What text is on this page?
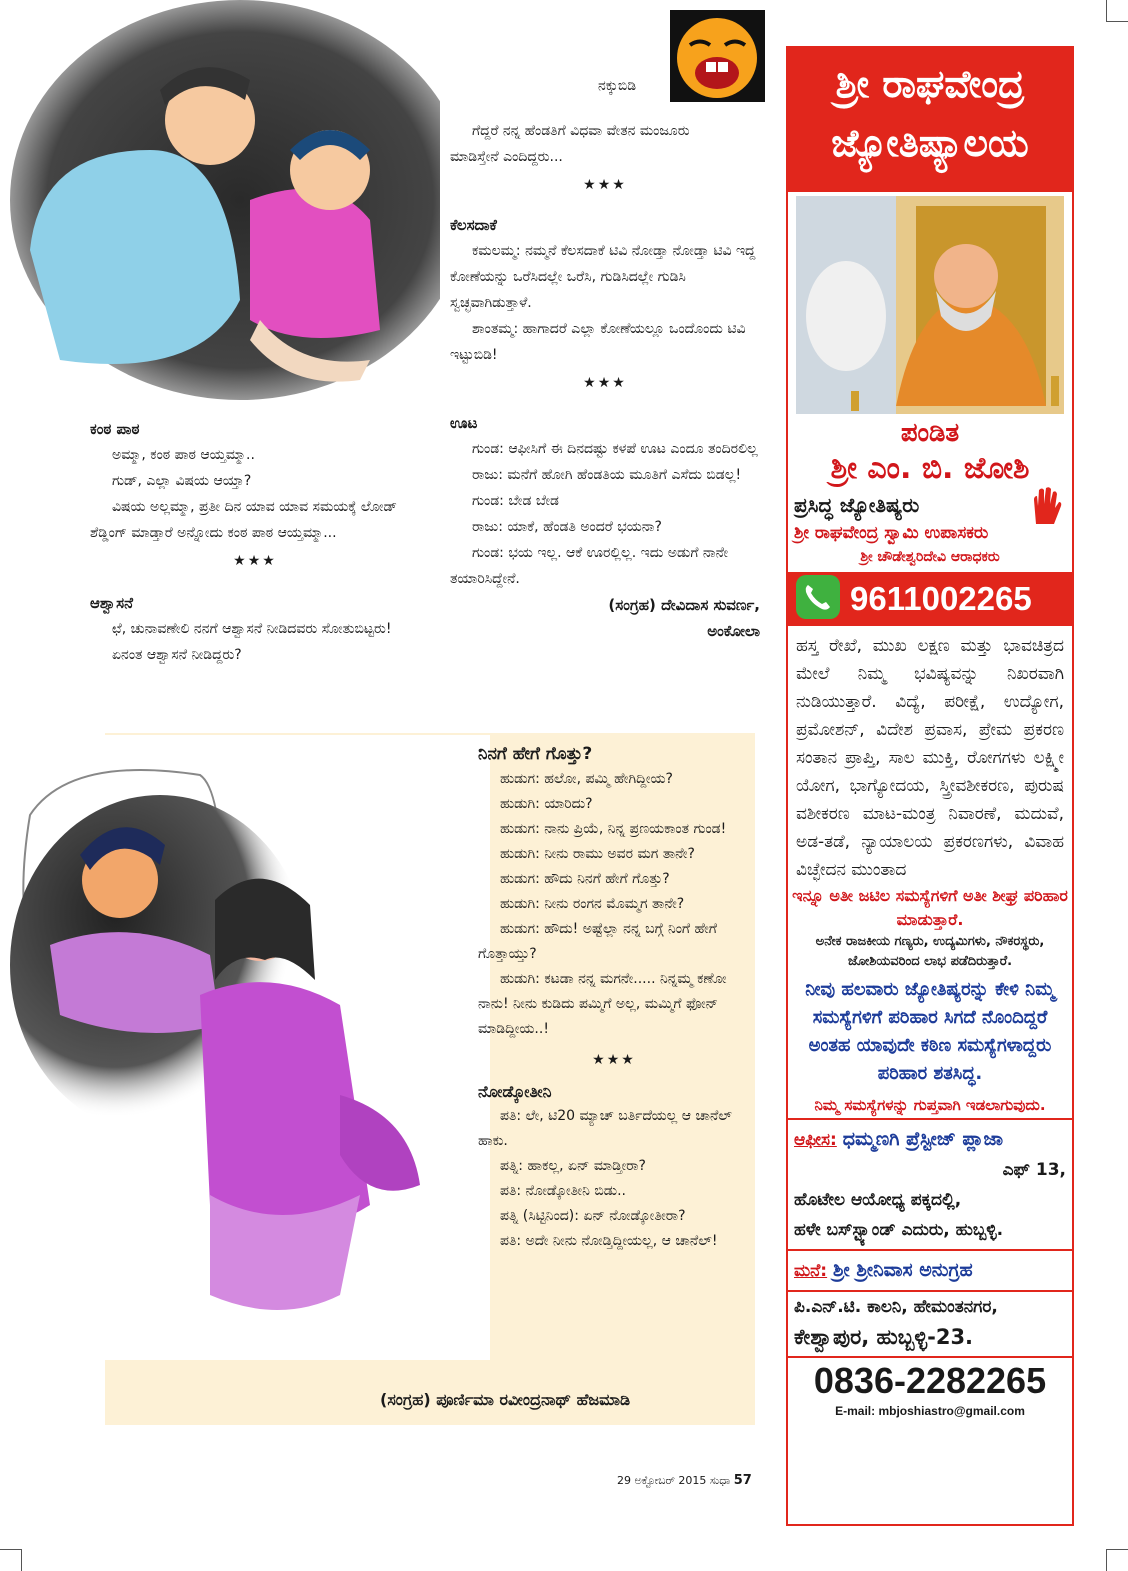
ನಕ್ಕುಬಿಡಿ

ಗೆದ್ದರೆ ನನ್ನ ಹೆಂಡತಿಗೆ ವಿಧವಾ ವೇತನ ಮಂಜೂರು

ಮಾಡಿಸ್ತೇನೆ ಎಂದಿದ್ದರು...

★★★
ಕೆಲಸದಾಕೆ

ಕಮಲಮ್ಮ: ನಮ್ಮನೆ ಕೆಲಸದಾಕೆ ಟಿವಿ ನೋಡ್ತಾ ನೋಡ್ತಾ ಟಿವಿ ಇದ್ದ ಕೋಣೆಯನ್ನು ಒರೆಸಿದಲ್ಲೇ ಒರೆಸಿ, ಗುಡಿಸಿದಲ್ಲೇ ಗುಡಿಸಿ ಸ್ವಚ್ಛವಾಗಿಡುತ್ತಾಳೆ.

ಶಾಂತಮ್ಮ: ಹಾಗಾದರೆ ಎಲ್ಲಾ ಕೋಣೆಯಲ್ಲೂ ಒಂದೊಂದು ಟಿವಿ ಇಟ್ಟುಬಿಡಿ!

★★★
ಊಟ

ಗುಂಡ: ಆಫೀಸಿಗೆ ಈ ದಿನದಷ್ಟು ಕಳಪೆ ಊಟ ಎಂದೂ ತಂದಿರಲಿಲ್ಲ

ರಾಜು: ಮನೆಗೆ ಹೋಗಿ ಹೆಂಡತಿಯ ಮೂತಿಗೆ ಎಸೆದು ಬಿಡಲ್ಲ!

ಗುಂಡ: ಬೇಡ ಬೇಡ

ರಾಜು: ಯಾಕೆ, ಹೆಂಡತಿ ಅಂದರೆ ಭಯನಾ?

ಗುಂಡ: ಭಯ ಇಲ್ಲ. ಆಕೆ ಊರಲ್ಲಿಲ್ಲ. ಇದು ಅಡುಗೆ ನಾನೇ ತಯಾರಿಸಿದ್ದೇನೆ.

(ಸಂಗ್ರಹ) ದೇವಿದಾಸ ಸುವರ್ಣ,
ಅಂಕೋಲಾ
ಕಂಠ ಪಾಠ

ಅಮ್ಮಾ, ಕಂಠ ಪಾಠ ಆಯ್ತಮ್ಮಾ..

ಗುಡ್, ಎಲ್ಲಾ ವಿಷಯ ಆಯ್ತಾ?

ವಿಷಯ ಅಲ್ಲಮ್ಮಾ, ಪ್ರತೀ ದಿನ ಯಾವ ಯಾವ ಸಮಯಕ್ಕೆ ಲೋಡ್ ಶೆಡ್ಡಿಂಗ್ ಮಾಡ್ತಾರೆ ಅನ್ನೋದು ಕಂಠ ಪಾಠ ಆಯ್ತಮ್ಮಾ...

★★★
ಆಶ್ವಾಸನೆ

ಛೆ, ಚುನಾವಣೇಲಿ ನನಗೆ ಆಶ್ವಾಸನೆ ನೀಡಿದವರು ಸೋತುಬಿಟ್ಟರು!

ಏನಂತ ಆಶ್ವಾಸನೆ ನೀಡಿದ್ದರು?

ನಿನಗೆ ಹೇಗೆ ಗೊತ್ತು?

ಹುಡುಗ: ಹಲೋ, ಪಮ್ಮಿ ಹೇಗಿದ್ದೀಯ?

ಹುಡುಗಿ: ಯಾರಿದು?

ಹುಡುಗ: ನಾನು ಪ್ರಿಯೆ, ನಿನ್ನ ಪ್ರಣಯಕಾಂತ ಗುಂಡ!

ಹುಡುಗಿ: ನೀನು ರಾಮು ಅವರ ಮಗ ತಾನೇ?

ಹುಡುಗ: ಹೌದು ನಿನಗೆ ಹೇಗೆ ಗೊತ್ತು?

ಹುಡುಗಿ: ನೀನು ರಂಗನ ಮೊಮ್ಮಗ ತಾನೇ?

ಹುಡುಗ: ಹೌದು! ಅಷ್ಟೆಲ್ಲಾ ನನ್ನ ಬಗ್ಗೆ ನಿಂಗೆ ಹೇಗೆ ಗೊತ್ತಾಯ್ತು?

ಹುಡುಗಿ: ಕಟಡಾ ನನ್ನ ಮಗನೇ..... ನಿನ್ನಮ್ಮ ಕಣೋ ನಾನು! ನೀನು ಕುಡಿದು ಪಮ್ಮಿಗೆ ಅಲ್ಲ, ಮಮ್ಮಿಗೆ ಫೋನ್ ಮಾಡಿದ್ದೀಯ..!

★★★
ನೋಡ್ಕೋತೀನಿ

ಪತಿ: ಲೇ, ಟಿ20 ಮ್ಯಾಚ್ ಬರ್ತಿದೆಯಲ್ಲ ಆ ಚಾನೆಲ್ ಹಾಕು.

ಪತ್ನಿ: ಹಾಕಲ್ಲ, ಏನ್ ಮಾಡ್ತೀರಾ?

ಪತಿ: ನೋಡ್ಕೋತೀನಿ ಬಿಡು..

ಪತ್ನಿ (ಸಿಟ್ಟಿನಿಂದ): ಏನ್ ನೋಡ್ಕೋತೀರಾ?

ಪತಿ: ಅದೇ ನೀನು ನೋಡ್ತಿದ್ದೀಯಲ್ಲ, ಆ ಚಾನೆಲ್!

(ಸಂಗ್ರಹ) ಪೂರ್ಣಿಮಾ ರವೀಂದ್ರನಾಥ್ ಹೆಜಮಾಡಿ
29 ಅಕ್ಟೋಬರ್ 2015 ಸುಧಾ 57
ಶ್ರೀ ರಾಘವೇಂದ್ರ
ಜ್ಯೋತಿಷ್ಯಾಲಯ
ಪಂಡಿತ
ಶ್ರೀ ಎಂ. ಬಿ. ಜೋಶಿ
ಪ್ರಸಿದ್ಧ ಜ್ಯೋತಿಷ್ಯರು
ಶ್ರೀ ರಾಘವೇಂದ್ರ ಸ್ವಾಮಿ ಉಪಾಸಕರು
ಶ್ರೀ ಚೌಡೇಶ್ವರಿದೇವಿ ಆರಾಧಕರು
9611002265
ಹಸ್ತ ರೇಖೆ, ಮುಖ ಲಕ್ಷಣ ಮತ್ತು ಭಾವಚಿತ್ರದ ಮೇಲೆ ನಿಮ್ಮ ಭವಿಷ್ಯವನ್ನು ನಿಖರವಾಗಿ ನುಡಿಯುತ್ತಾರೆ. ವಿದ್ಯೆ, ಪರೀಕ್ಷೆ, ಉದ್ಯೋಗ, ಪ್ರಮೋಶನ್, ವಿದೇಶ ಪ್ರವಾಸ, ಪ್ರೇಮ ಪ್ರಕರಣ ಸಂತಾನ ಪ್ರಾಪ್ತಿ, ಸಾಲ ಮುಕ್ತಿ, ರೋಗಗಳು ಲಕ್ಷ್ಮೀ ಯೋಗ, ಭಾಗ್ಯೋದಯ, ಸ್ತ್ರೀವಶೀಕರಣ, ಪುರುಷ ವಶೀಕರಣ ಮಾಟ-ಮಂತ್ರ ನಿವಾರಣೆ, ಮದುವೆ, ಅಡ-ತಡೆ, ನ್ಯಾಯಾಲಯ ಪ್ರಕರಣಗಳು, ವಿವಾಹ ವಿಚ್ಛೇದನ ಮುಂತಾದ
ಇನ್ನೂ ಅತೀ ಜಟಿಲ ಸಮಸ್ಯೆಗಳಿಗೆ ಅತೀ ಶೀಘ್ರ ಪರಿಹಾರ ಮಾಡುತ್ತಾರೆ.
ಅನೇಕ ರಾಜಕೀಯ ಗಣ್ಯರು, ಉದ್ಯಮಿಗಳು, ನೌಕರಸ್ಥರು, ಜೋಶಿಯವರಿಂದ ಲಾಭ ಪಡೆದಿರುತ್ತಾರೆ.
ನೀವು ಹಲವಾರು ಜ್ಯೋತಿಷ್ಯರನ್ನು ಕೇಳಿ ನಿಮ್ಮ ಸಮಸ್ಯೆಗಳಿಗೆ ಪರಿಹಾರ ಸಿಗದೆ ನೊಂದಿದ್ದರೆ ಅಂತಹ ಯಾವುದೇ ಕಠಿಣ ಸಮಸ್ಯೆಗಳಾದ್ದರು ಪರಿಹಾರ ಶತಸಿದ್ಧ.
ನಿಮ್ಮ ಸಮಸ್ಯೆಗಳನ್ನು ಗುಪ್ತವಾಗಿ ಇಡಲಾಗುವುದು.
ಆಫೀಸ: ಧಮ್ಮಣಗಿ ಪ್ರೆಸ್ಟೀಜ್ ಪ್ಲಾಜಾ
ಎಫ್ 13,
ಹೊಟೇಲ ಆಯೋಧ್ಯ ಪಕ್ಕದಲ್ಲಿ,
ಹಳೇ ಬಸ್‌ಸ್ಟ್ಯಾಂಡ್ ಎದುರು, ಹುಬ್ಬಳ್ಳಿ.
ಮನೆ: ಶ್ರೀ ಶ್ರೀನಿವಾಸ ಅನುಗ್ರಹ
ಪಿ.ಎನ್.ಟಿ. ಕಾಲನಿ, ಹೇಮಂತನಗರ,
ಕೇಶ್ವಾಪುರ, ಹುಬ್ಬಳ್ಳಿ-23.
0836-2282265
E-mail: mbjoshiastro@gmail.com
